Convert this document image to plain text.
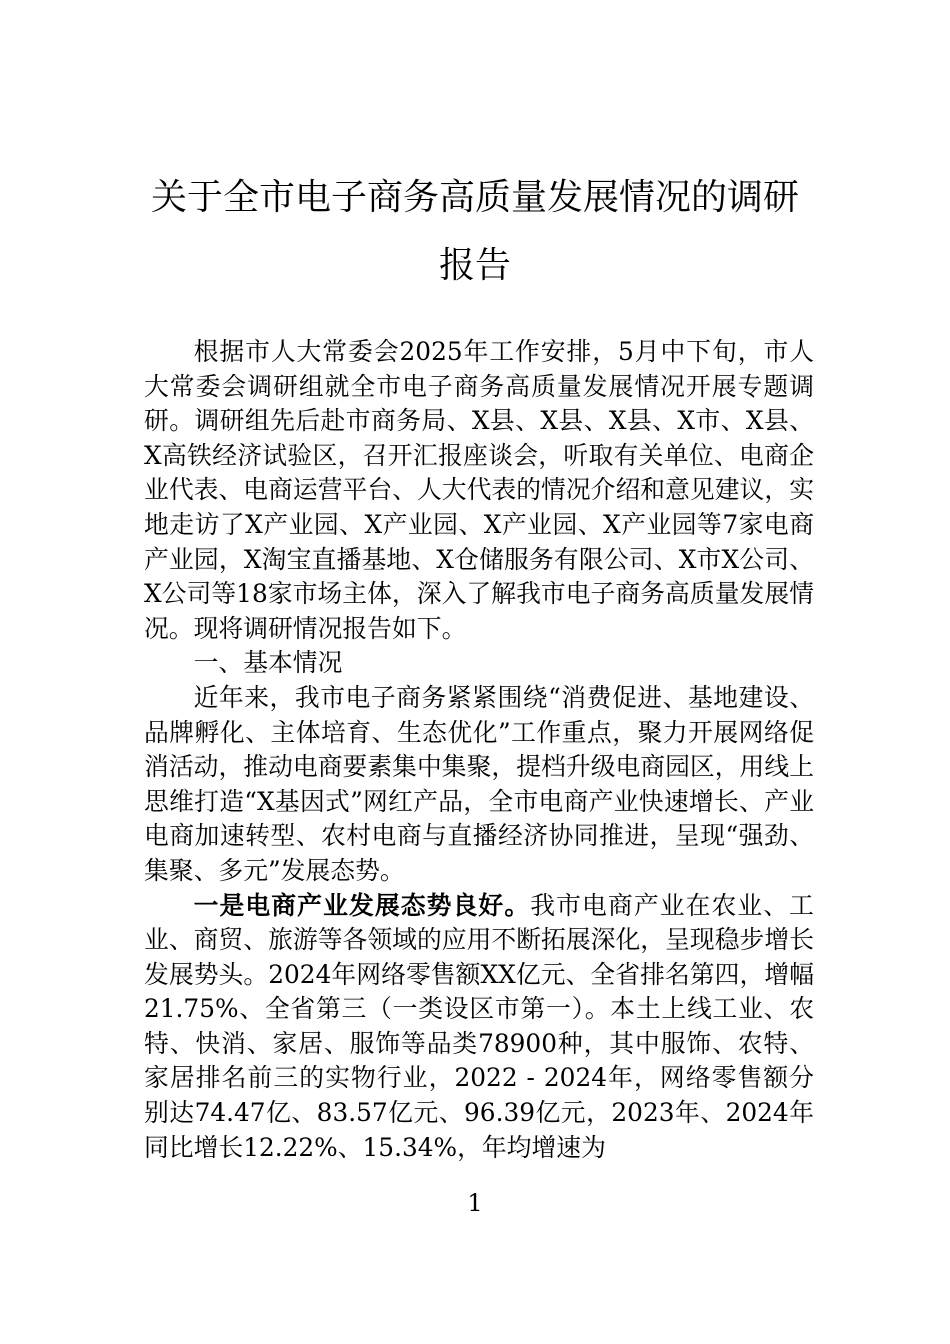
关于全市电子商务高质量发展情况的调研
报告

根据市人大常委会2025年工作安排，5月中下旬，市人大常委会调研组就全市电子商务高质量发展情况开展专题调研。调研组先后赴市商务局、X县、X县、X县、X市、X县、X高铁经济试验区，召开汇报座谈会，听取有关单位、电商企业代表、电商运营平台、人大代表的情况介绍和意见建议，实地走访了X产业园、X产业园、X产业园、X产业园等7家电商产业园，X淘宝直播基地、X仓储服务有限公司、X市X公司、X公司等18家市场主体，深入了解我市电子商务高质量发展情况。现将调研情况报告如下。

一、基本情况

近年来，我市电子商务紧紧围绕“消费促进、基地建设、品牌孵化、主体培育、生态优化”工作重点，聚力开展网络促消活动，推动电商要素集中集聚，提档升级电商园区，用线上思维打造“X基因式”网红产品，全市电商产业快速增长、产业电商加速转型、农村电商与直播经济协同推进，呈现“强劲、集聚、多元”发展态势。

一是电商产业发展态势良好。我市电商产业在农业、工业、商贸、旅游等各领域的应用不断拓展深化，呈现稳步增长发展势头。2024年网络零售额XX亿元、全省排名第四，增幅21.75%、全省第三（一类设区市第一）。本土上线工业、农特、快消、家居、服饰等品类78900种，其中服饰、农特、家居排名前三的实物行业，2022 - 2024年，网络零售额分别达74.47亿、83.57亿元、96.39亿元，2023年、2024年同比增长12.22%、15.34%，年均增速为

1
